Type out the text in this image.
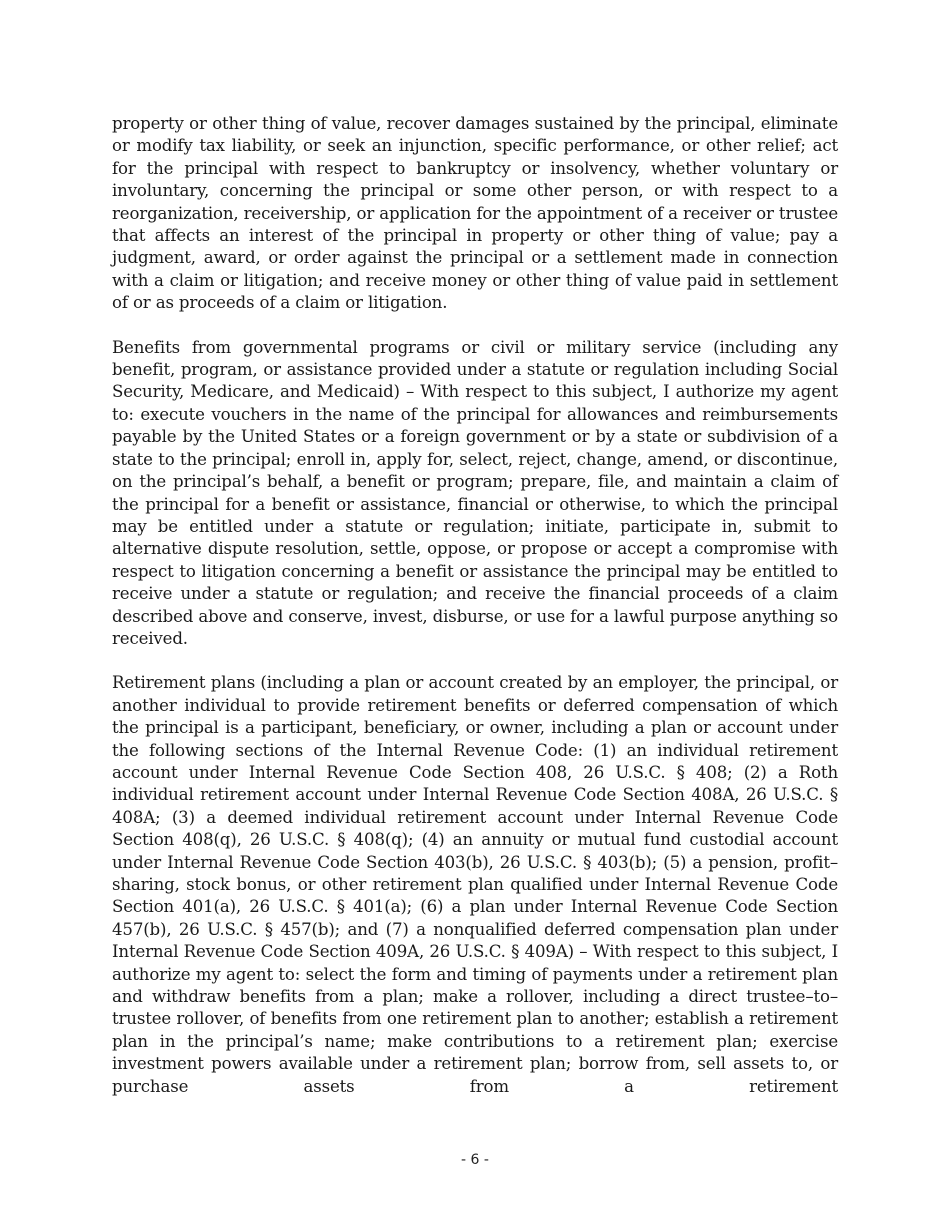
property or other thing of value, recover damages sustained by the principal, eliminate or modify tax liability, or seek an injunction, specific performance, or other relief; act for the principal with respect to bankruptcy or insolvency, whether voluntary or involuntary, concerning the principal or some other person, or with respect to a reorganization, receivership, or application for the appointment of a receiver or trustee that affects an interest of the principal in property or other thing of value; pay a judgment, award, or order against the principal or a settlement made in connection with a claim or litigation; and receive money or other thing of value paid in settlement of or as proceeds of a claim or litigation.

Benefits from governmental programs or civil or military service (including any benefit, program, or assistance provided under a statute or regulation including Social Security, Medicare, and Medicaid) – With respect to this subject, I authorize my agent to: execute vouchers in the name of the principal for allowances and reimbursements payable by the United States or a foreign government or by a state or subdivision of a state to the principal; enroll in, apply for, select, reject, change, amend, or discontinue, on the principal’s behalf, a benefit or program; prepare, file, and maintain a claim of the principal for a benefit or assistance, financial or otherwise, to which the principal may be entitled under a statute or regulation; initiate, participate in, submit to alternative dispute resolution, settle, oppose, or propose or accept a compromise with respect to litigation concerning a benefit or assistance the principal may be entitled to receive under a statute or regulation; and receive the financial proceeds of a claim described above and conserve, invest, disburse, or use for a lawful purpose anything so received.

Retirement plans (including a plan or account created by an employer, the principal, or another individual to provide retirement benefits or deferred compensation of which the principal is a participant, beneficiary, or owner, including a plan or account under the following sections of the Internal Revenue Code: (1) an individual retirement account under Internal Revenue Code Section 408, 26 U.S.C. § 408; (2) a Roth individual retirement account under Internal Revenue Code Section 408A, 26 U.S.C. § 408A; (3) a deemed individual retirement account under Internal Revenue Code Section 408(q), 26 U.S.C. § 408(q); (4) an annuity or mutual fund custodial account under Internal Revenue Code Section 403(b), 26 U.S.C. § 403(b); (5) a pension, profit–sharing, stock bonus, or other retirement plan qualified under Internal Revenue Code Section 401(a), 26 U.S.C. § 401(a); (6) a plan under Internal Revenue Code Section 457(b), 26 U.S.C. § 457(b); and (7) a nonqualified deferred compensation plan under Internal Revenue Code Section 409A, 26 U.S.C. § 409A) – With respect to this subject, I authorize my agent to: select the form and timing of payments under a retirement plan and withdraw benefits from a plan; make a rollover, including a direct trustee–to–trustee rollover, of benefits from one retirement plan to another; establish a retirement plan in the principal’s name; make contributions to a retirement plan; exercise investment powers available under a retirement plan; borrow from, sell assets to, or purchase assets from a retirement

- 6 -
